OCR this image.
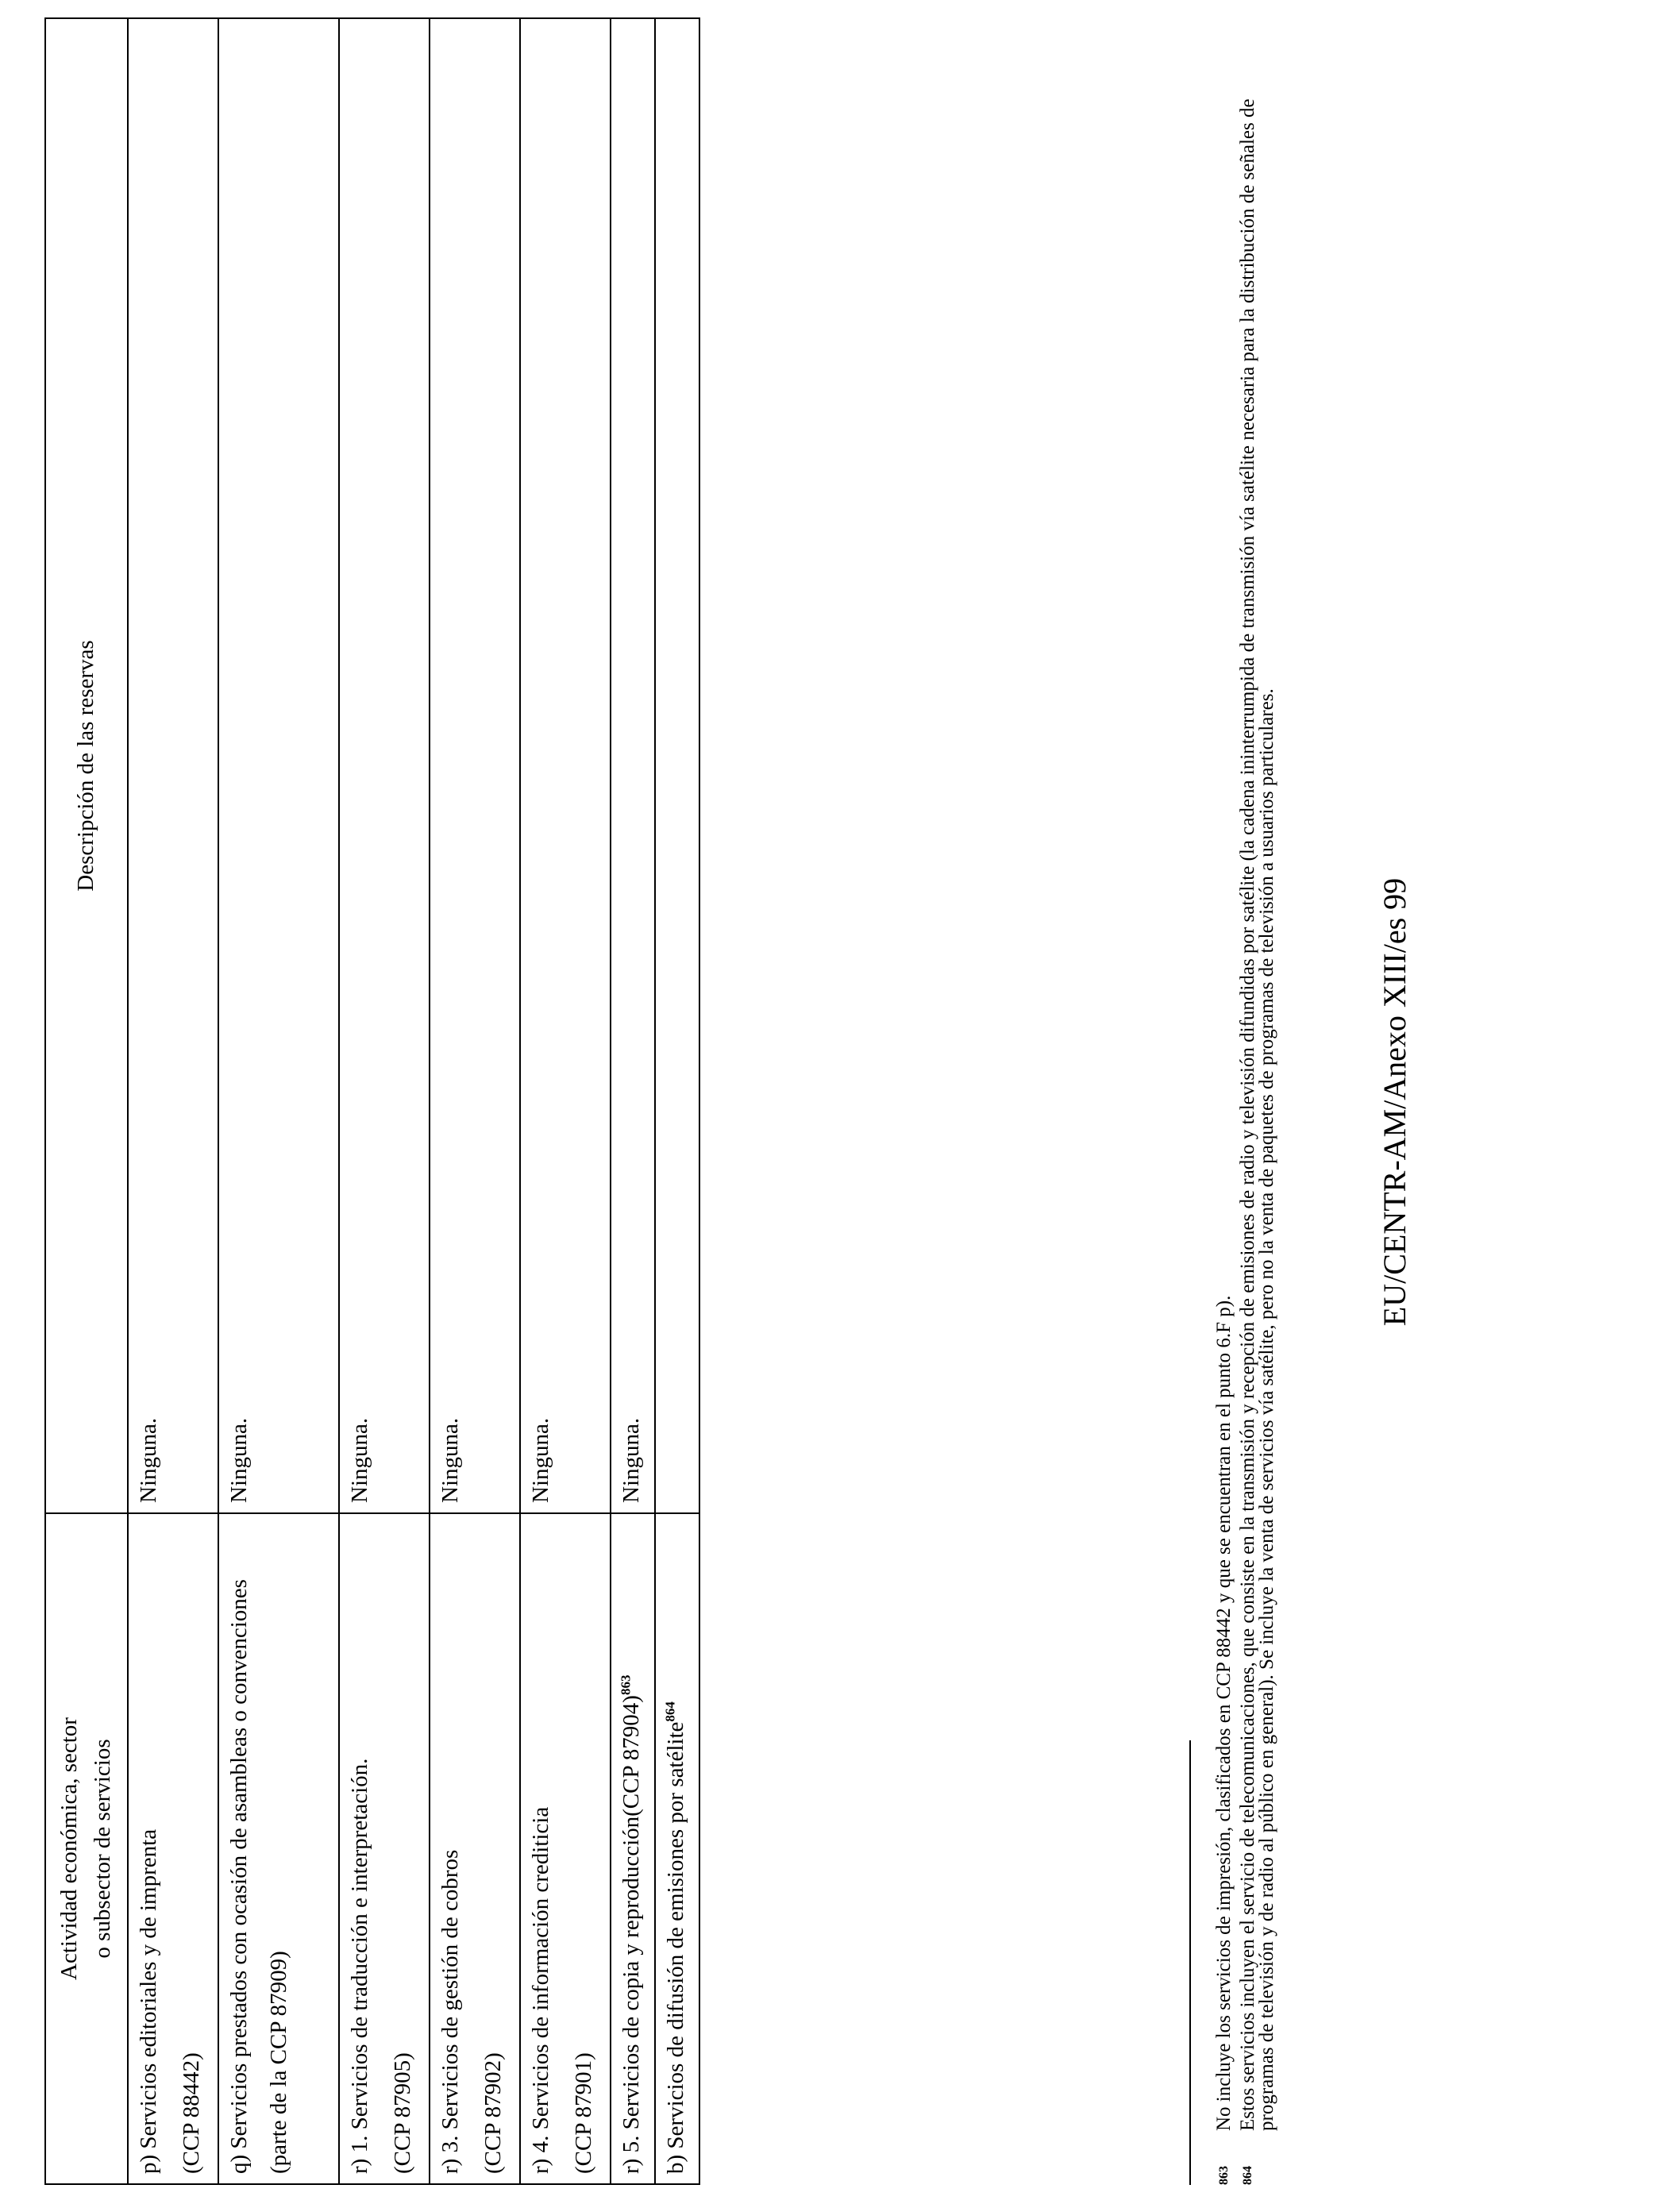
Actividad económica, sector o subsector de servicios	Descripción de las reservas

p) Servicios editoriales y de imprenta (CCP 88442)	Ninguna.

q) Servicios prestados con ocasión de asambleas o convenciones (parte de la CCP 87909)	Ninguna.

r) 1. Servicios de traducción e interpretación. (CCP 87905)	Ninguna.

r) 3. Servicios de gestión de cobros (CCP 87902)	Ninguna.

r) 4. Servicios de información crediticia (CCP 87901)	Ninguna.
r) 5. Servicios de copia y reproducción(CCP 87904)$^{863}$	Ninguna.
b) Servicios de difusión de emisiones por satélite$^{864}$	
863
No incluye los servicios de impresión, clasificados en CCP 88442 y que se encuentran en el punto 6.F p).
864
Estos servicios incluyen el servicio de telecomunicaciones, que consiste en la transmisión y recepción de emisiones de radio y televisión difundidas por satélite (la cadena ininterrumpida de transmisión vía satélite necesaria para la distribución de señales de programas de televisión y de radio al público en general). Se incluye la venta de servicios vía satélite, pero no la venta de paquetes de programas de televisión a usuarios particulares.	EU/CENTR-AM/Anexo XIII/es 99
